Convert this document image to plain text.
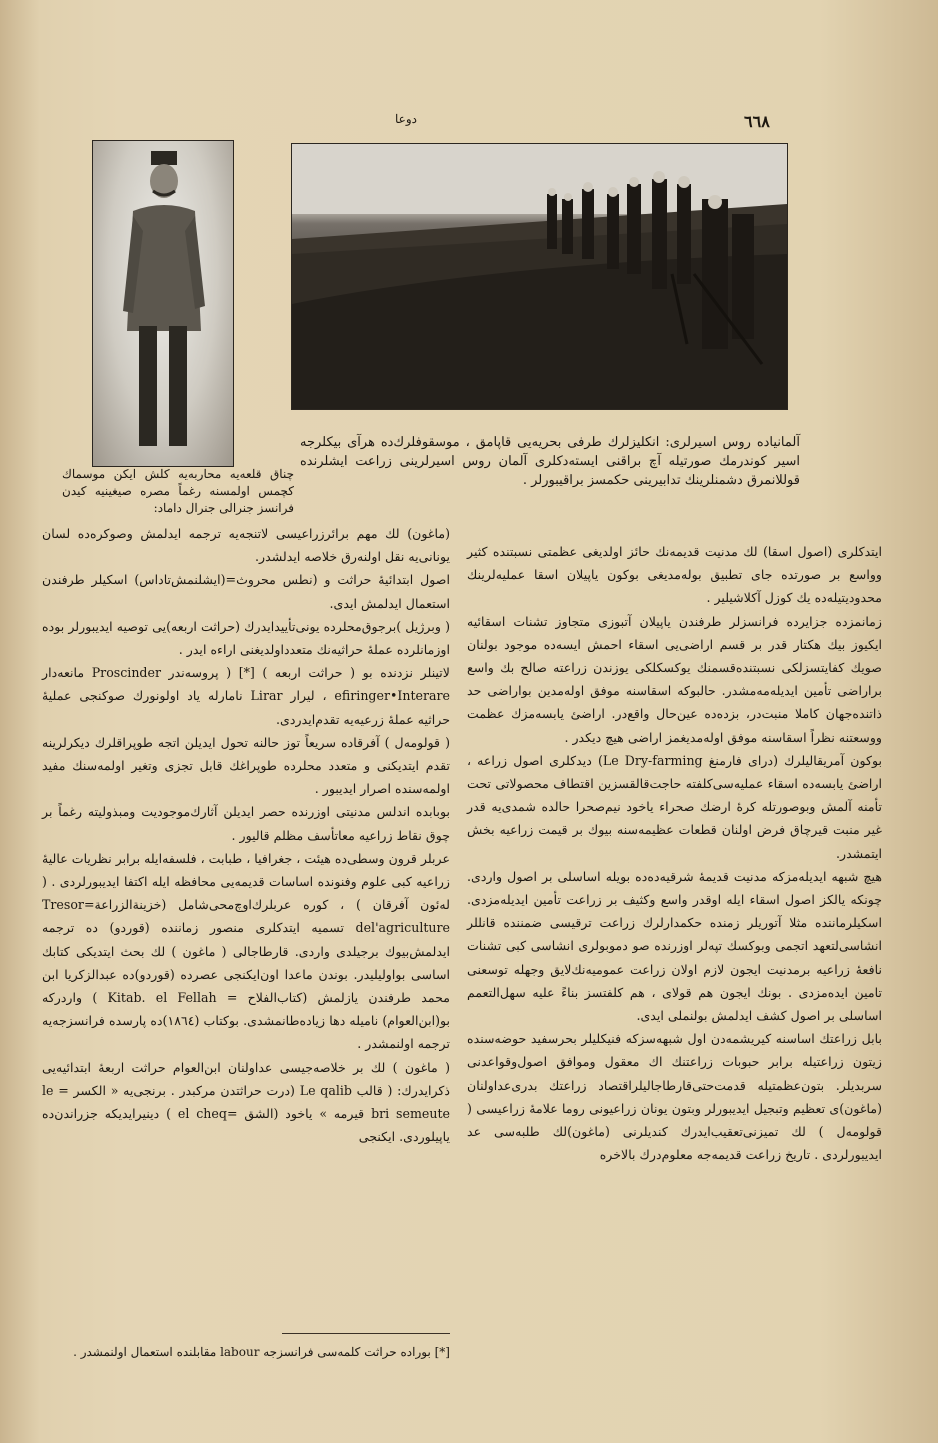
٦٦٨
دوعا
آلمانياده روس اسیرلری: انكلیزلرك طرفی بحریه‌یی قاپامق ، موسقوفلرك‌ده هرآی بیكلرجه اسیر كوندرمك صورتیله آچ براقنی ایسته‌دكلری آلمان روس اسیرلرینی زراعت ایشلرنده قوللانمرق دشمنلرینك تدابیرینی حكمسز براقیبورلر .
چناق قلعه‌یه محاربه‌یه كلش ایكن موسماك كچمس اولمسنه رغماً مصره صیغینیه كیدن فرانسز جنرالی جنرال داماد:

ایتدكلری (اصول اسقا) لك مدنیت قدیمه‌نك حائز اولدیغی عظمتی نسبتنده كثیر وواسع بر صورتده جای تطبیق بوله‌مدیغی بوكون یاپیلان اسقا عملیه‌لرینك محدودیتیله‌ده یك كوزل آكلاشیلیر .

زمانمزده جزایرده فرانسزلر طرفندن یاپیلان آتبوزی متجاوز تشنات اسقائیه ایكیوز بیك هكتار قدر بر قسم اراضی‌یی اسقاء احمش ایسه‌ده موجود بولنان صویك كفایتسزلكی نسبتنده‌قسمنك یوكسكلكی یوزندن زراعته صالح بك واسع براراضی تأمین ایدیله‌مه‌مشدر. حالبوكه اسقاسنه موفق اوله‌مدین بواراضی حد ذاتنده‌جهان كاملا منبت‌در، بزده‌ده عین‌حال واقع‌در. اراضئ یابسه‌مزك عظمت ووسعتنه نظراً اسقاسنه موفق اوله‌مدیغمز اراضی هیچ دیكدر .

بوكون آمریقالیلرك (درای فارمنغ Le Dry-farming) دیدكلری اصول زراعه ، اراضئ یابسه‌ده اسقاء عملیه‌سی‌كلفته حاجت‌قالقسزین اقتطاف محصولاتی تحت تأمنه آلمش وبوصورتله كرهٔ ارضك صحراء یاخود نیم‌صحرا حالده شمدی‌یه قدر غیر منبت قیرچاق فرض اولنان قطعات عظیمه‌سنه بیوك بر قیمت زراعیه بخش ایتمشدر.

هیچ شبهه ایدیله‌مزكه مدنیت قدیمهٔ شرقیه‌ده‌ده بویله اساسلی بر اصول واردی. چونكه یالكز اصول اسقاء ایله اوقدر واسع وكثیف بر زراعت تأمین ایدیله‌مزدی. اسكیلرماننده مثلا آتوریلر زمنده حكمدارلرك زراعت ترقیسی ضمننده قانللر انشاسی‌لتعهد اتجمی وبوكسك تپه‌لر اوزرنده صو دموبولری انشاسی كبی تشنات نافعهٔ زراعیه برمدنیت ایجون لازم اولان زراعت عمومیه‌نك‌لایق وجهله توسعنی تامین ایده‌مزدی . بونك ایجون هم قولای ، هم كلفتسز بناءً علیه سهل‌التعمم اساسلی بر اصول كشف ایدلمش بولنملی ایدی.

بابل زراعتك اساسنه كیریشمه‌دن اول شبهه‌سزكه فنیكلیلر بحرسفید حوضه‌سنده زیتون زراعتیله برابر حبوبات زراعتنك اك معقول وموافق اصول‌وقواعدنی سربدیلر. بتون‌عظمتیله قدمت‌حتی‌قارطاجالیلراقتصاد زراعتك بدری‌عداولنان (ماغون)ی تعظیم وتبجیل ایدیبورلر وبتون یونان زراعیونی روما علامهٔ زراعیسی ( قولومه‌ل ) لك تمیزنی‌تعقیب‌ایدرك كندیلرنی (ماغون)لك طلبه‌سی عد ایدیبورلردی . تاریخ زراعت قدیمه‌جه معلوم‌درك بالاخره

(ماغون) لك مهم برائرزراعیسی لاتنجه‌یه ترجمه ایدلمش وصوكره‌ده لسان یونانی‌یه نقل اولنه‌رق خلاصه ایدلشدر.

اصول ابتدائیهٔ حراثت و (نطس محروث=(ایشلنمش‌تاداس) اسكیلر طرفندن استعمال ایدلمش ایدی.

( وبرژیل )برجوق‌محلرده‌ یونی‌تأییدایدرك (حراثت اربعه)یی توصیه ایدیبورلر بوده اوزمانلرده عملهٔ حراثیه‌نك متعدداولدیغنی اراءه ایدر .

لاتینلر نزدنده بو ( حراثت اربعه ) [*] ( پروسه‌ندر Proscinder مانعه‌دار efiringer‌•Interare ، لیرار Lirar نامارله یاد اولونورك صوكنجی عملیهٔ حراثیه عملهٔ زرعیه‌یه تقدم‌ایدردی.

( قولومه‌ل ) آفرقاده سریعاً توز حالنه تحول ایدیلن اتجه طوپراقلرك دیكرلرینه تقدم ایتدیكنی و متعدد محلرده طوپراغك قابل تجزی وتغیر اولمه‌سنك مفید اولمه‌سنده اصرار ایدیبور .

بوبابده اندلس مدنیتی اوزرنده حصر ایدیلن آثارك‌موجودیت ومبذولیته رغماً بر چوق نقاط زراعیه معاتأسف مظلم قالیور .

عربلر قرون وسطی‌ده هیئت ، جغرافیا ، طبابت ، فلسفه‌ایله برابر نظریات عالیهٔ زراعیه كبی علوم وفنونده اساسات قدیمه‌یی محافظه ایله اكتفا ایدیبورلردی . ( له‌ئون آفرقان ) ، كوره عربلرك‌اوچ‌محی‌شامل (خزینة‌الزراعة=Tresor del'agriculture تسمیه ایتدكلری منصور زماننده (قوردو) ده ترجمه ایدلمش‌بیوك برجیلدی واردی. قارطاجالی ( ماغون ) لك بحث ایتدیكی كتابك اساسی بواولیلیدر. بوندن ماعدا اون‌ایكنجی عصرده (قوردو)ده عبدالزكریا ابن محمد طرفندن یازلمش (كتاب‌الفلاح = Kitab. el Fellah ) واردركه بو(ابن‌العوام) نامیله دها زیاده‌طانمشدی. بوكتاب (١٨٦٤)ده پارسده فرانسزجه‌یه ترجمه اولنمشدر .

( ماغون ) لك بر خلاصه‌جیسی عداولنان ابن‌العوام حراثت اربعهٔ ابتدائیه‌یی ذكرایدرك: ( قالب Le qalib (درت حراثتدن مركبدر . برنجی‌یه « الكسر = le bri semeute قیرمه » یاخود (الشق =el cheq ) دینیرایدیكه جزراندن‌ده یاپیلوردی. ایكنجی

[*] بوراده حراثت كلمه‌سی فرانسزجه labour مقابلنده استعمال اولنمشدر .
